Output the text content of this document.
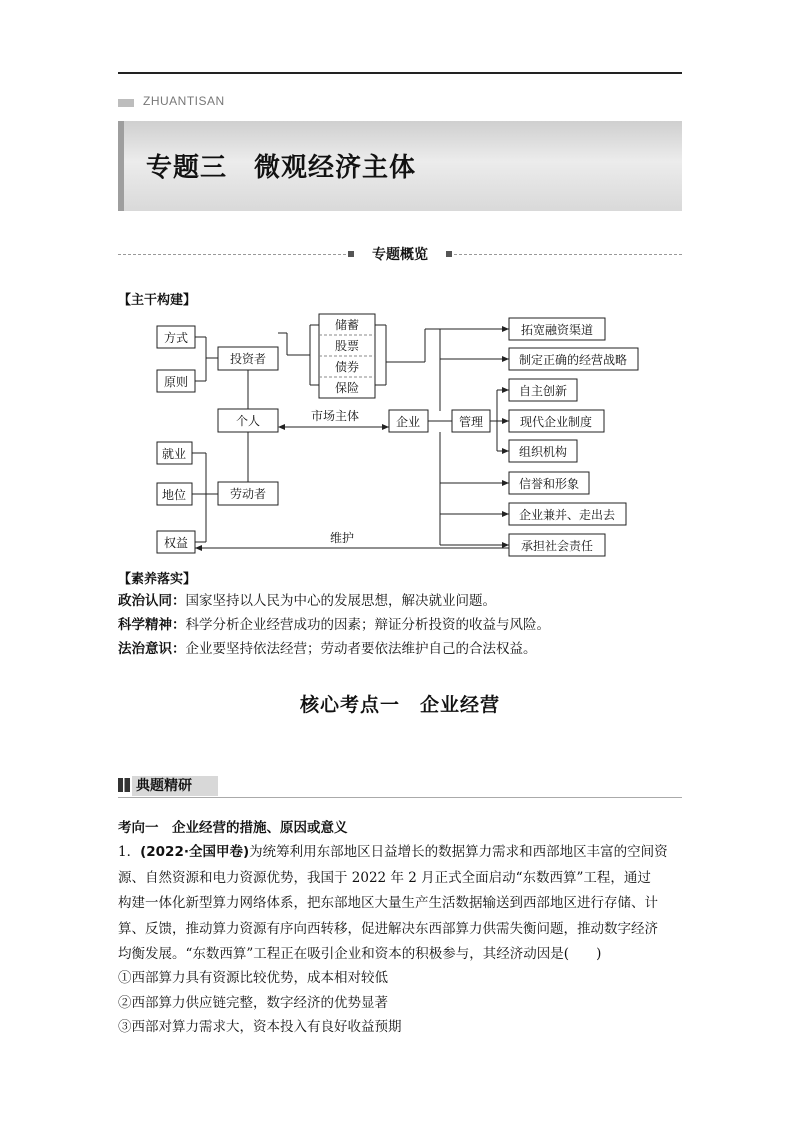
ZHUANTISAN
专题三　微观经济主体
专题概览
【主干构建】
方式
原则
投资者
储蓄
股票
债券
保险
个人	市场主体	企业	管理
就业
地位
权益
劳动者
维护
拓宽融资渠道
制定正确的经营战略
自主创新
现代企业制度
组织机构
信誉和形象
企业兼并、走出去
承担社会责任
【素养落实】
政治认同：国家坚持以人民为中心的发展思想，解决就业问题。
科学精神：科学分析企业经营成功的因素；辩证分析投资的收益与风险。
法治意识：企业要坚持依法经营；劳动者要依法维护自己的合法权益。
核心考点一　企业经营
典题精研
考向一　企业经营的措施、原因或意义
1．(2022·全国甲卷)为统筹利用东部地区日益增长的数据算力需求和西部地区丰富的空间资
源、自然资源和电力资源优势，我国于 2022 年 2 月正式全面启动“东数西算”工程，通过
构建一体化新型算力网络体系，把东部地区大量生产生活数据输送到西部地区进行存储、计
算、反馈，推动算力资源有序向西转移，促进解决东西部算力供需失衡问题，推动数字经济
均衡发展。“东数西算”工程正在吸引企业和资本的积极参与，其经济动因是(　　)
①西部算力具有资源比较优势，成本相对较低
②西部算力供应链完整，数字经济的优势显著
③西部对算力需求大，资本投入有良好收益预期
